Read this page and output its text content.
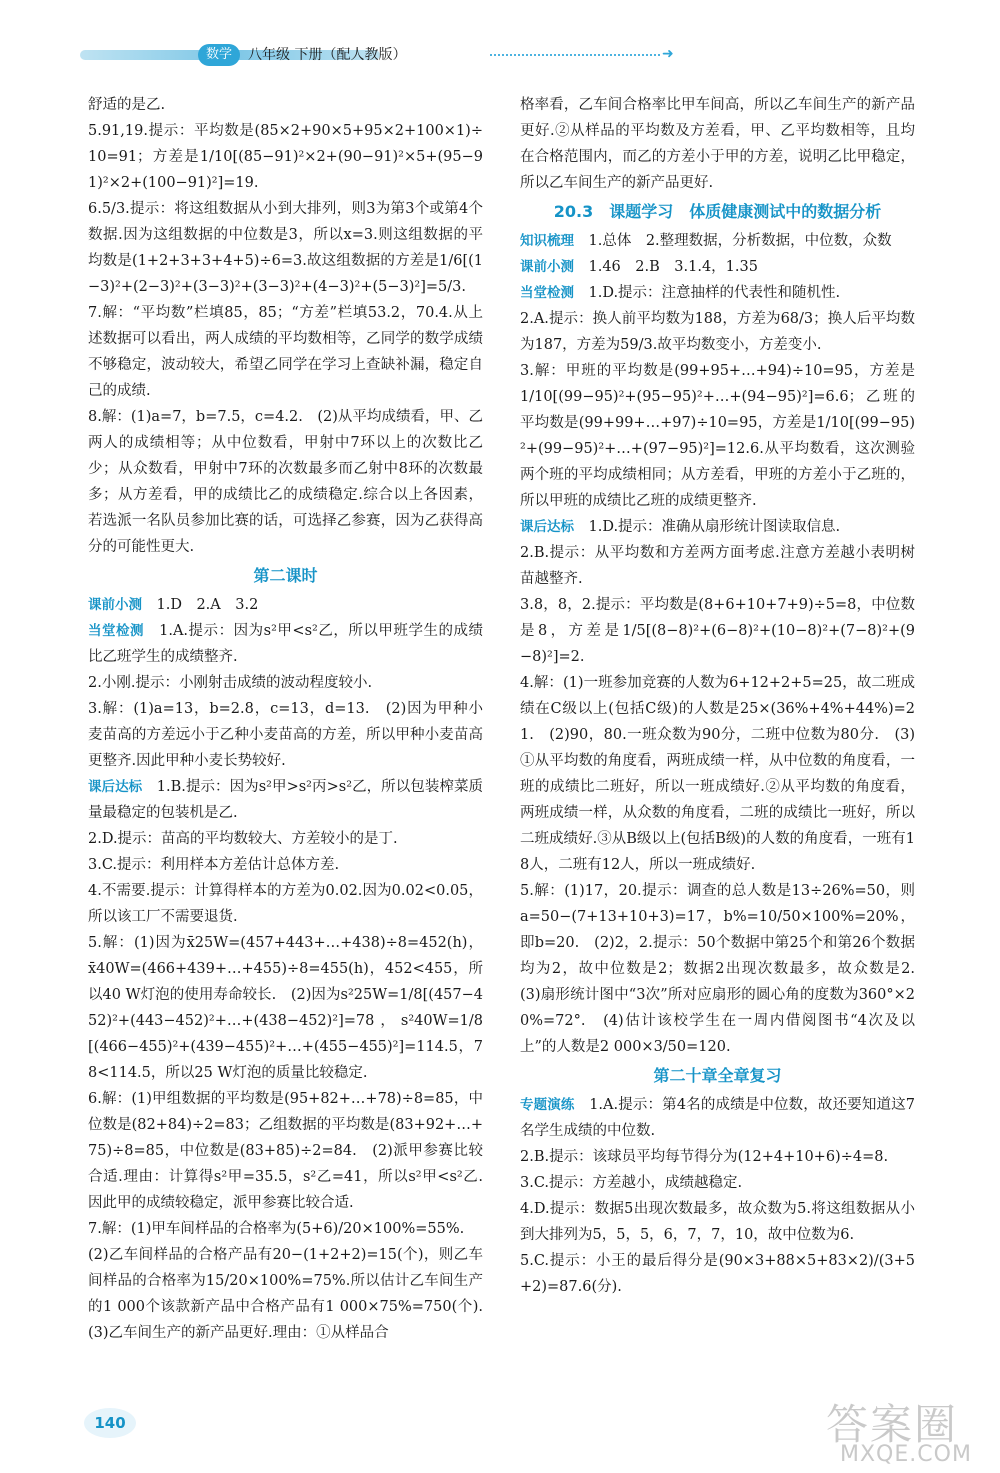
数学	八年级 下册（配人教版）	➜

舒适的是乙.

5.91,19.提示：平均数是(85×2+90×5+95×2+100×1)÷10=91；方差是1/10[(85−91)²×2+(90−91)²×5+(95−91)²×2+(100−91)²]=19.

6.5/3.提示：将这组数据从小到大排列，则3为第3个或第4个数据.因为这组数据的中位数是3，所以x=3.则这组数据的平均数是(1+2+3+3+4+5)÷6=3.故这组数据的方差是1/6[(1−3)²+(2−3)²+(3−3)²+(3−3)²+(4−3)²+(5−3)²]=5/3.

7.解：“平均数”栏填85，85；“方差”栏填53.2，70.4.从上述数据可以看出，两人成绩的平均数相等，乙同学的数学成绩不够稳定，波动较大，希望乙同学在学习上查缺补漏，稳定自己的成绩.

8.解：(1)a=7，b=7.5，c=4.2.　(2)从平均成绩看，甲、乙两人的成绩相等；从中位数看，甲射中7环以上的次数比乙少；从众数看，甲射中7环的次数最多而乙射中8环的次数最多；从方差看，甲的成绩比乙的成绩稳定.综合以上各因素，若选派一名队员参加比赛的话，可选择乙参赛，因为乙获得高分的可能性更大.

第二课时

课前小测　 1.D　2.A　3.2

当堂检测　 1.A.提示：因为s²甲<s²乙，所以甲班学生的成绩比乙班学生的成绩整齐.

2.小刚.提示：小刚射击成绩的波动程度较小.

3.解：(1)a=13，b=2.8，c=13，d=13.　(2)因为甲种小麦苗高的方差远小于乙种小麦苗高的方差，所以甲种小麦苗高更整齐.因此甲种小麦长势较好.

课后达标　 1.B.提示：因为s²甲>s²丙>s²乙，所以包装榨菜质量最稳定的包装机是乙.

2.D.提示：苗高的平均数较大、方差较小的是丁.

3.C.提示：利用样本方差估计总体方差.

4.不需要.提示：计算得样本的方差为0.02.因为0.02<0.05，所以该工厂不需要退货.

5.解：(1)因为x̄25W=(457+443+…+438)÷8=452(h)，x̄40W=(466+439+…+455)÷8=455(h)，452<455，所以40 W灯泡的使用寿命较长.　(2)因为s²25W=1/8[(457−452)²+(443−452)²+…+(438−452)²]=78，s²40W=1/8[(466−455)²+(439−455)²+…+(455−455)²]=114.5，78<114.5，所以25 W灯泡的质量比较稳定.

6.解：(1)甲组数据的平均数是(95+82+…+78)÷8=85，中位数是(82+84)÷2=83；乙组数据的平均数是(83+92+…+75)÷8=85，中位数是(83+85)÷2=84.　(2)派甲参赛比较合适.理由：计算得s²甲=35.5，s²乙=41，所以s²甲<s²乙.因此甲的成绩较稳定，派甲参赛比较合适.

7.解：(1)甲车间样品的合格率为(5+6)/20×100%=55%.

(2)乙车间样品的合格产品有20−(1+2+2)=15(个)，则乙车间样品的合格率为15/20×100%=75%.所以估计乙车间生产的1 000个该款新产品中合格产品有1 000×75%=750(个).　(3)乙车间生产的新产品更好.理由：①从样品合

格率看，乙车间合格率比甲车间高，所以乙车间生产的新产品更好.②从样品的平均数及方差看，甲、乙平均数相等，且均在合格范围内，而乙的方差小于甲的方差，说明乙比甲稳定，所以乙车间生产的新产品更好.

20.3　课题学习　体质健康测试中的数据分析

知识梳理　 1.总体　2.整理数据，分析数据，中位数，众数

课前小测　 1.46　2.B　3.1.4，1.35

当堂检测　 1.D.提示：注意抽样的代表性和随机性.

2.A.提示：换人前平均数为188，方差为68/3；换人后平均数为187，方差为59/3.故平均数变小，方差变小.

3.解：甲班的平均数是(99+95+…+94)÷10=95，方差是1/10[(99−95)²+(95−95)²+…+(94−95)²]=6.6；乙班的平均数是(99+99+…+97)÷10=95，方差是1/10[(99−95)²+(99−95)²+…+(97−95)²]=12.6.从平均数看，这次测验两个班的平均成绩相同；从方差看，甲班的方差小于乙班的，所以甲班的成绩比乙班的成绩更整齐.

课后达标　 1.D.提示：准确从扇形统计图读取信息.

2.B.提示：从平均数和方差两方面考虑.注意方差越小表明树苗越整齐.

3.8，8，2.提示：平均数是(8+6+10+7+9)÷5=8，中位数是8，方差是1/5[(8−8)²+(6−8)²+(10−8)²+(7−8)²+(9−8)²]=2.

4.解：(1)一班参加竞赛的人数为6+12+2+5=25，故二班成绩在C级以上(包括C级)的人数是25×(36%+4%+44%)=21.　(2)90，80.一班众数为90分，二班中位数为80分.　(3)①从平均数的角度看，两班成绩一样，从中位数的角度看，一班的成绩比二班好，所以一班成绩好.②从平均数的角度看，两班成绩一样，从众数的角度看，二班的成绩比一班好，所以二班成绩好.③从B级以上(包括B级)的人数的角度看，一班有18人，二班有12人，所以一班成绩好.

5.解：(1)17，20.提示：调查的总人数是13÷26%=50，则a=50−(7+13+10+3)=17，b%=10/50×100%=20%，即b=20.　(2)2，2.提示：50个数据中第25个和第26个数据均为2，故中位数是2；数据2出现次数最多，故众数是2.　(3)扇形统计图中“3次”所对应扇形的圆心角的度数为360°×20%=72°.　(4)估计该校学生在一周内借阅图书“4次及以上”的人数是2 000×3/50=120.

第二十章全章复习

专题演练　 1.A.提示：第4名的成绩是中位数，故还要知道这7名学生成绩的中位数.

2.B.提示：该球员平均每节得分为(12+4+10+6)÷4=8.

3.C.提示：方差越小，成绩越稳定.

4.D.提示：数据5出现次数最多，故众数为5.将这组数据从小到大排列为5，5，5，6，7，7，10，故中位数为6.

5.C.提示：小王的最后得分是(90×3+88×5+83×2)/(3+5+2)=87.6(分).

140	答案圈
MXQE.COM
